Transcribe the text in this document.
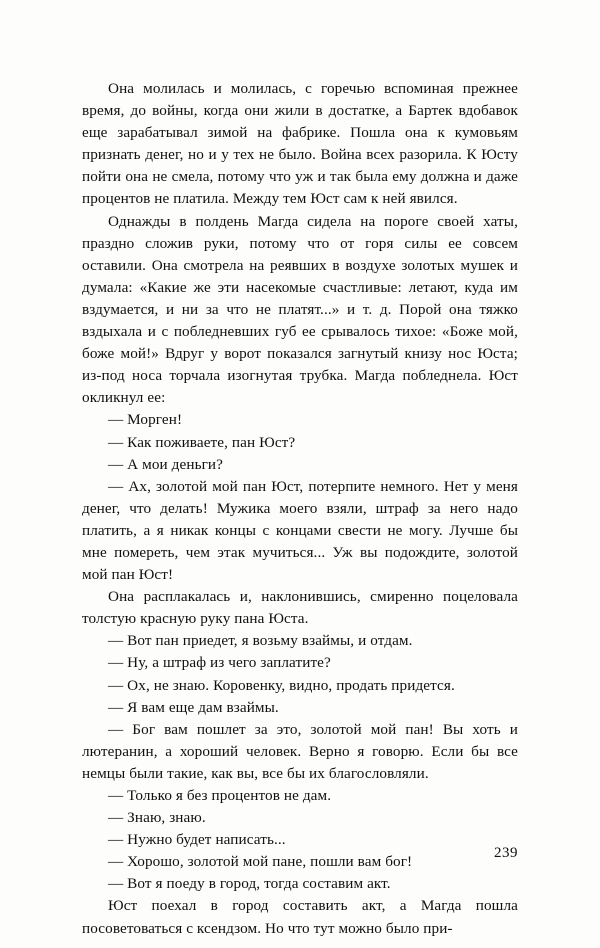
Она молилась и молилась, с горечью вспоминая прежнее время, до войны, когда они жили в достатке, а Бартек вдобавок еще зарабатывал зимой на фабрике. Пошла она к кумовьям признать денег, но и у тех не было. Война всех разорила. К Юсту пойти она не смела, потому что уж и так была ему должна и даже процентов не платила. Между тем Юст сам к ней явился.

Однажды в полдень Магда сидела на пороге своей хаты, праздно сложив руки, потому что от горя силы ее совсем оставили. Она смотрела на реявших в воздухе золотых мушек и думала: «Какие же эти насекомые счастливые: летают, куда им вздумается, и ни за что не платят...» и т. д. Порой она тяжко вздыхала и с побледневших губ ее срывалось тихое: «Боже мой, боже мой!» Вдруг у ворот показался загнутый книзу нос Юста; из-под носа торчала изогнутая трубка. Магда побледнела. Юст окликнул ее:

— Морген!

— Как поживаете, пан Юст?

— А мои деньги?

— Ах, золотой мой пан Юст, потерпите немного. Нет у меня денег, что делать! Мужика моего взяли, штраф за него надо платить, а я никак концы с концами свести не могу. Лучше бы мне помереть, чем этак мучиться... Уж вы подождите, золотой мой пан Юст!

Она расплакалась и, наклонившись, смиренно поцеловала толстую красную руку пана Юста.

— Вот пан приедет, я возьму взаймы, и отдам.

— Ну, а штраф из чего заплатите?

— Ох, не знаю. Коровенку, видно, продать придется.

— Я вам еще дам взаймы.

— Бог вам пошлет за это, золотой мой пан! Вы хоть и лютеранин, а хороший человек. Верно я говорю. Если бы все немцы были такие, как вы, все бы их благословляли.

— Только я без процентов не дам.

— Знаю, знаю.

— Нужно будет написать...

— Хорошо, золотой мой пане, пошли вам бог!

— Вот я поеду в город, тогда составим акт.

Юст поехал в город составить акт, а Магда пошла посоветоваться с ксендзом. Но что тут можно было при-

239
